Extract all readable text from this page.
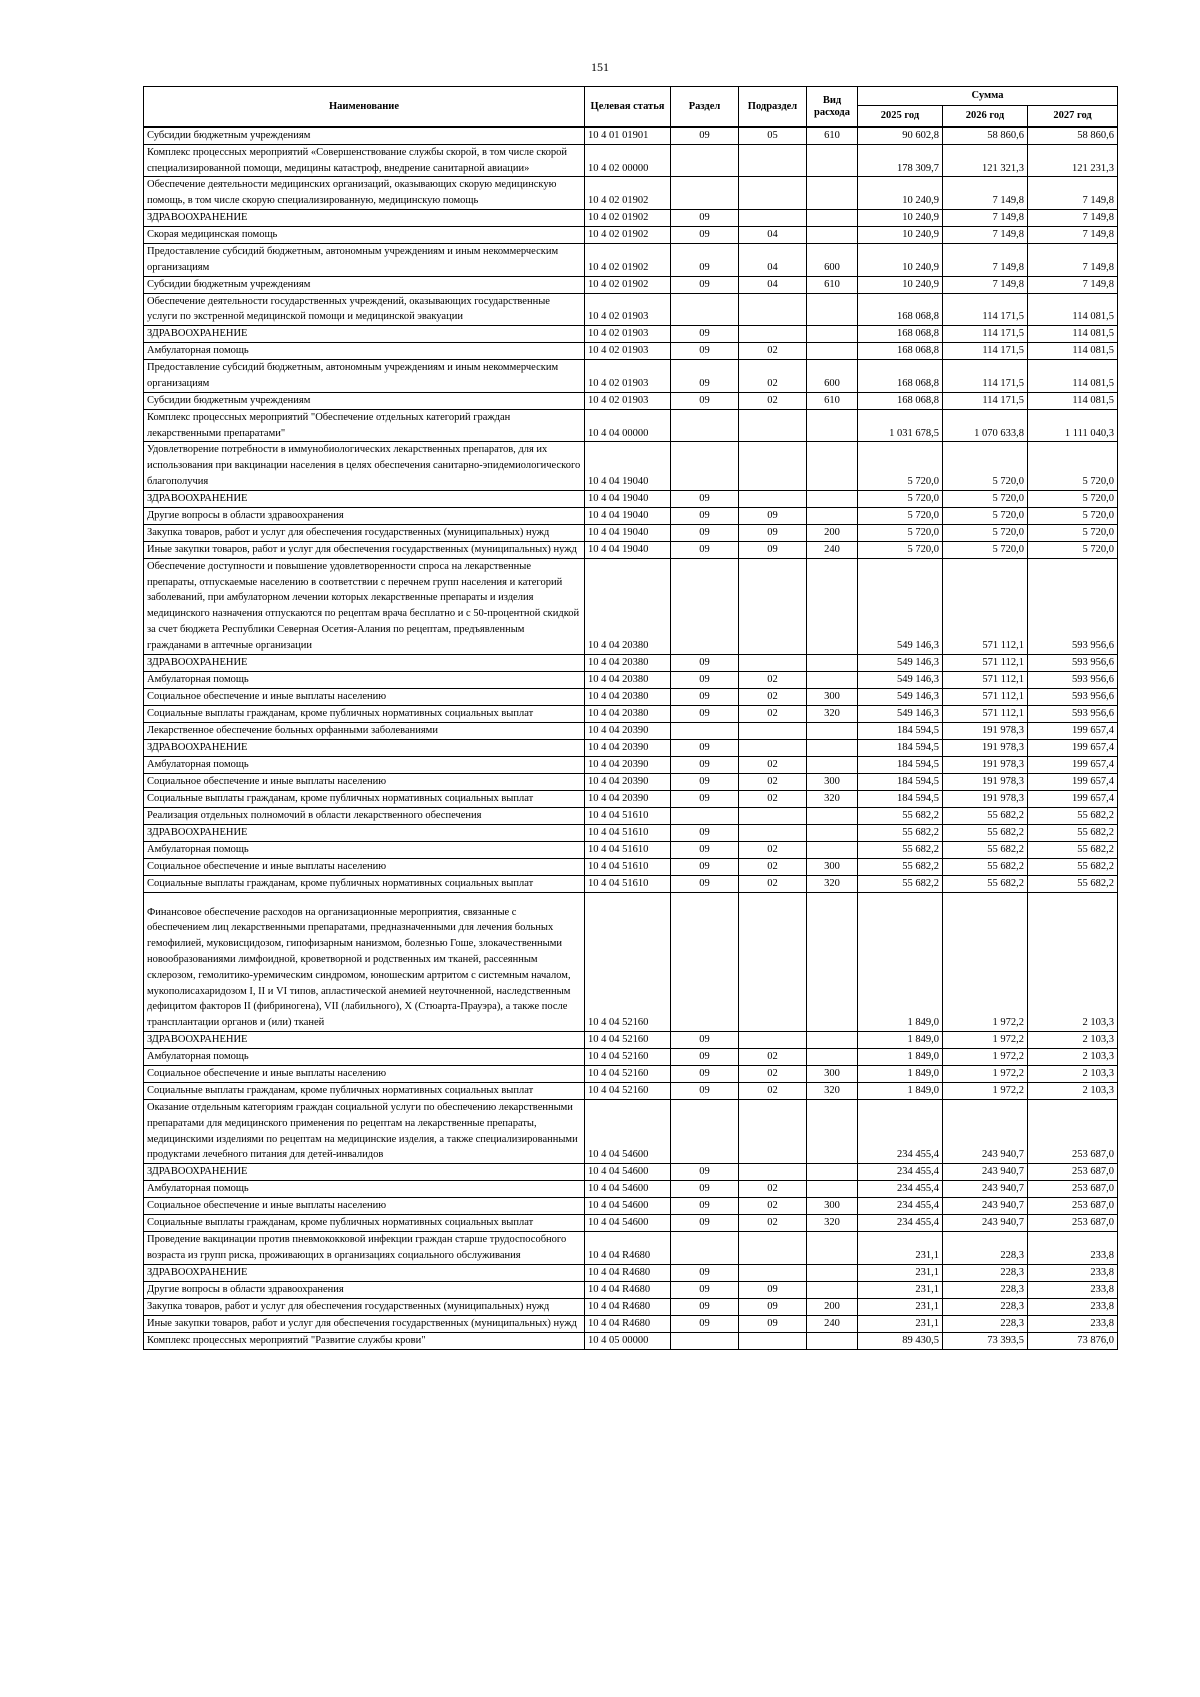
151
Наименование	Целевая статья	Раздел	Подраздел	Вид расхода	Сумма		
					2025 год	2026 год	2027 год
Субсидии бюджетным учреждениям	10 4 01 01901	09	05	610	90 602,8	58 860,6	58 860,6
Комплекс процессных мероприятий «Совершенствование службы скорой, в том числе скорой специализированной помощи, медицины катастроф, внедрение санитарной авиации»	10 4 02 00000				178 309,7	121 321,3	121 231,3
Обеспечение деятельности медицинских организаций, оказывающих скорую медицинскую помощь, в том числе скорую специализированную, медицинскую помощь	10 4 02 01902				10 240,9	7 149,8	7 149,8
ЗДРАВООХРАНЕНИЕ	10 4 02 01902	09			10 240,9	7 149,8	7 149,8
Скорая медицинская помощь	10 4 02 01902	09	04		10 240,9	7 149,8	7 149,8
Предоставление субсидий бюджетным, автономным учреждениям и иным некоммерческим организациям	10 4 02 01902	09	04	600	10 240,9	7 149,8	7 149,8
Субсидии бюджетным учреждениям	10 4 02 01902	09	04	610	10 240,9	7 149,8	7 149,8
Обеспечение деятельности государственных учреждений, оказывающих государственные услуги по экстренной медицинской помощи и медицинской эвакуации	10 4 02 01903				168 068,8	114 171,5	114 081,5
ЗДРАВООХРАНЕНИЕ	10 4 02 01903	09			168 068,8	114 171,5	114 081,5
Амбулаторная помощь	10 4 02 01903	09	02		168 068,8	114 171,5	114 081,5
Предоставление субсидий бюджетным, автономным учреждениям и иным некоммерческим организациям	10 4 02 01903	09	02	600	168 068,8	114 171,5	114 081,5
Субсидии бюджетным учреждениям	10 4 02 01903	09	02	610	168 068,8	114 171,5	114 081,5
Комплекс процессных мероприятий "Обеспечение отдельных категорий граждан лекарственными препаратами"	10 4 04 00000				1 031 678,5	1 070 633,8	1 111 040,3
Удовлетворение потребности в иммунобиологических лекарственных препаратов, для их использования при вакцинации населения в целях обеспечения санитарно-эпидемиологического благополучия	10 4 04 19040				5 720,0	5 720,0	5 720,0
ЗДРАВООХРАНЕНИЕ	10 4 04 19040	09			5 720,0	5 720,0	5 720,0
Другие вопросы в области здравоохранения	10 4 04 19040	09	09		5 720,0	5 720,0	5 720,0
Закупка товаров, работ и услуг для обеспечения государственных (муниципальных) нужд	10 4 04 19040	09	09	200	5 720,0	5 720,0	5 720,0
Иные закупки товаров, работ и услуг для обеспечения государственных (муниципальных) нужд	10 4 04 19040	09	09	240	5 720,0	5 720,0	5 720,0
Обеспечение доступности и повышение удовлетворенности спроса на лекарственные препараты, отпускаемые населению в соответствии с перечнем групп населения и категорий заболеваний, при амбулаторном лечении которых лекарственные препараты и изделия медицинского назначения отпускаются по рецептам врача бесплатно и с 50-процентной скидкой за счет бюджета Республики Северная Осетия-Алания по рецептам, предъявленным гражданами в аптечные организации	10 4 04 20380				549 146,3	571 112,1	593 956,6
ЗДРАВООХРАНЕНИЕ	10 4 04 20380	09			549 146,3	571 112,1	593 956,6
Амбулаторная помощь	10 4 04 20380	09	02		549 146,3	571 112,1	593 956,6
Социальное обеспечение и иные выплаты населению	10 4 04 20380	09	02	300	549 146,3	571 112,1	593 956,6
Социальные выплаты гражданам, кроме публичных нормативных социальных выплат	10 4 04 20380	09	02	320	549 146,3	571 112,1	593 956,6
Лекарственное обеспечение больных орфанными заболеваниями	10 4 04 20390				184 594,5	191 978,3	199 657,4
ЗДРАВООХРАНЕНИЕ	10 4 04 20390	09			184 594,5	191 978,3	199 657,4
Амбулаторная помощь	10 4 04 20390	09	02		184 594,5	191 978,3	199 657,4
Социальное обеспечение и иные выплаты населению	10 4 04 20390	09	02	300	184 594,5	191 978,3	199 657,4
Социальные выплаты гражданам, кроме публичных нормативных социальных выплат	10 4 04 20390	09	02	320	184 594,5	191 978,3	199 657,4
Реализация отдельных полномочий в области лекарственного обеспечения	10 4 04 51610				55 682,2	55 682,2	55 682,2
ЗДРАВООХРАНЕНИЕ	10 4 04 51610	09			55 682,2	55 682,2	55 682,2
Амбулаторная помощь	10 4 04 51610	09	02		55 682,2	55 682,2	55 682,2
Социальное обеспечение и иные выплаты населению	10 4 04 51610	09	02	300	55 682,2	55 682,2	55 682,2
Социальные выплаты гражданам, кроме публичных нормативных социальных выплат	10 4 04 51610	09	02	320	55 682,2	55 682,2	55 682,2
Финансовое обеспечение расходов на организационные мероприятия, связанные с обеспечением лиц лекарственными препаратами, предназначенными для лечения больных гемофилией, муковисцидозом, гипофизарным нанизмом, болезнью Гоше, злокачественными новообразованиями лимфоидной, кроветворной и родственных им тканей, рассеянным склерозом, гемолитико-уремическим синдромом, юношеским артритом с системным началом, мукополисахаридозом I, II и VI типов, апластической анемией неуточненной, наследственным дефицитом факторов II (фибриногена), VII (лабильного), X (Стюарта-Прауэра), а также после трансплантации органов и (или) тканей	10 4 04 52160				1 849,0	1 972,2	2 103,3
ЗДРАВООХРАНЕНИЕ	10 4 04 52160	09			1 849,0	1 972,2	2 103,3
Амбулаторная помощь	10 4 04 52160	09	02		1 849,0	1 972,2	2 103,3
Социальное обеспечение и иные выплаты населению	10 4 04 52160	09	02	300	1 849,0	1 972,2	2 103,3
Социальные выплаты гражданам, кроме публичных нормативных социальных выплат	10 4 04 52160	09	02	320	1 849,0	1 972,2	2 103,3
Оказание отдельным категориям граждан социальной услуги по обеспечению лекарственными препаратами для медицинского применения по рецептам на лекарственные препараты, медицинскими изделиями по рецептам на медицинские изделия, а также специализированными продуктами лечебного питания для детей-инвалидов	10 4 04 54600				234 455,4	243 940,7	253 687,0
ЗДРАВООХРАНЕНИЕ	10 4 04 54600	09			234 455,4	243 940,7	253 687,0
Амбулаторная помощь	10 4 04 54600	09	02		234 455,4	243 940,7	253 687,0
Социальное обеспечение и иные выплаты населению	10 4 04 54600	09	02	300	234 455,4	243 940,7	253 687,0
Социальные выплаты гражданам, кроме публичных нормативных социальных выплат	10 4 04 54600	09	02	320	234 455,4	243 940,7	253 687,0
Проведение вакцинации против пневмококковой инфекции граждан старше трудоспособного возраста из групп риска, проживающих в организациях социального обслуживания	10 4 04 R4680				231,1	228,3	233,8
ЗДРАВООХРАНЕНИЕ	10 4 04 R4680	09			231,1	228,3	233,8
Другие вопросы в области здравоохранения	10 4 04 R4680	09	09		231,1	228,3	233,8
Закупка товаров, работ и услуг для обеспечения государственных (муниципальных) нужд	10 4 04 R4680	09	09	200	231,1	228,3	233,8
Иные закупки товаров, работ и услуг для обеспечения государственных (муниципальных) нужд	10 4 04 R4680	09	09	240	231,1	228,3	233,8
Комплекс процессных мероприятий "Развитие службы крови"	10 4 05 00000				89 430,5	73 393,5	73 876,0
